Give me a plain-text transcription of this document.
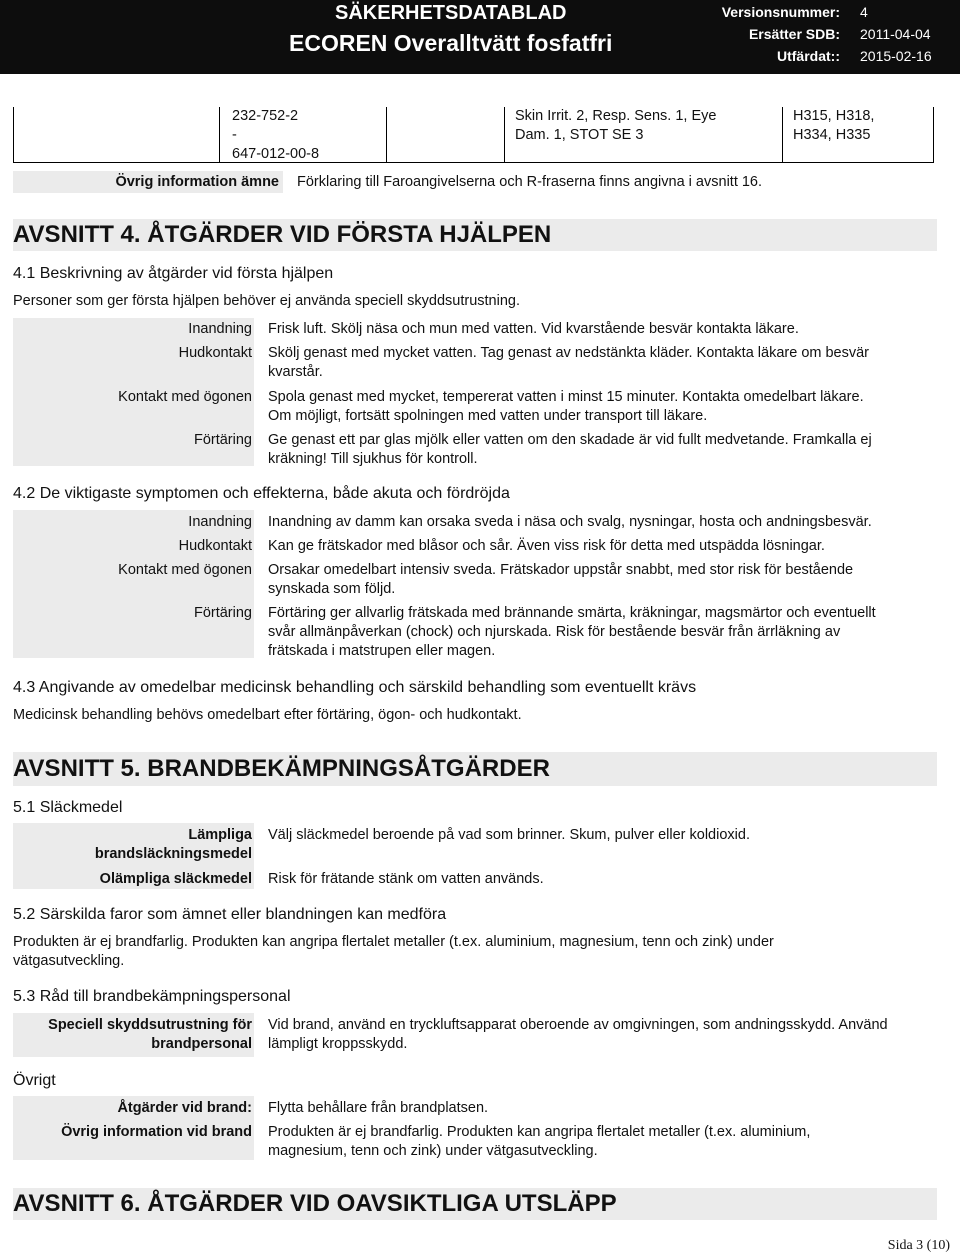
SÄKERHETSDATABLAD
ECOREN Overalltvätt fosfatfri
Versionsnummer: 4
Ersätter SDB: 2011-04-04
Utfärdat:: 2015-02-16
232-752-2
-
647-012-00-8
Skin Irrit. 2, Resp. Sens. 1, Eye
Dam. 1, STOT SE 3
H315, H318,
H334, H335
Övrig information ämne Förklaring till Faroangivelserna och R-fraserna finns angivna i avsnitt 16.
AVSNITT 4. ÅTGÄRDER VID FÖRSTA HJÄLPEN
4.1 Beskrivning av åtgärder vid första hjälpen
Personer som ger första hjälpen behöver ej använda speciell skyddsutrustning.
Inandning Frisk luft. Skölj näsa och mun med vatten. Vid kvarstående besvär kontakta läkare.
Hudkontakt Skölj genast med mycket vatten. Tag genast av nedstänkta kläder. Kontakta läkare om besvär
kvarstår.
Kontakt med ögonen Spola genast med mycket, tempererat vatten i minst 15 minuter. Kontakta omedelbart läkare.
Om möjligt, fortsätt spolningen med vatten under transport till läkare.
Förtäring Ge genast ett par glas mjölk eller vatten om den skadade är vid fullt medvetande. Framkalla ej
kräkning! Till sjukhus för kontroll.
4.2 De viktigaste symptomen och effekterna, både akuta och fördröjda
Inandning Inandning av damm kan orsaka sveda i näsa och svalg, nysningar, hosta och andningsbesvär.
Hudkontakt Kan ge frätskador med blåsor och sår. Även viss risk för detta med utspädda lösningar.
Kontakt med ögonen Orsakar omedelbart intensiv sveda. Frätskador uppstår snabbt, med stor risk för bestående
synskada som följd.
Förtäring Förtäring ger allvarlig frätskada med brännande smärta, kräkningar, magsmärtor och eventuellt
svår allmänpåverkan (chock) och njurskada. Risk för bestående besvär från ärrläkning av
frätskada i matstrupen eller magen.
4.3 Angivande av omedelbar medicinsk behandling och särskild behandling som eventuellt krävs
Medicinsk behandling behövs omedelbart efter förtäring, ögon- och hudkontakt.
AVSNITT 5. BRANDBEKÄMPNINGSÅTGÄRDER
5.1 Släckmedel
Lämpliga
brandsläckningsmedel
Välj släckmedel beroende på vad som brinner. Skum, pulver eller koldioxid.
Olämpliga släckmedel Risk för frätande stänk om vatten används.
5.2 Särskilda faror som ämnet eller blandningen kan medföra
Produkten är ej brandfarlig. Produkten kan angripa flertalet metaller (t.ex. aluminium, magnesium, tenn och zink) under
vätgasutveckling.
5.3 Råd till brandbekämpningspersonal
Speciell skyddsutrustning för
brandpersonal
Vid brand, använd en tryckluftsapparat oberoende av omgivningen, som andningsskydd. Använd
lämpligt kroppsskydd.
Övrigt
Åtgärder vid brand: Flytta behållare från brandplatsen.
Övrig information vid brand Produkten är ej brandfarlig. Produkten kan angripa flertalet metaller (t.ex. aluminium,
magnesium, tenn och zink) under vätgasutveckling.
AVSNITT 6. ÅTGÄRDER VID OAVSIKTLIGA UTSLÄPP
Sida 3 (10)
